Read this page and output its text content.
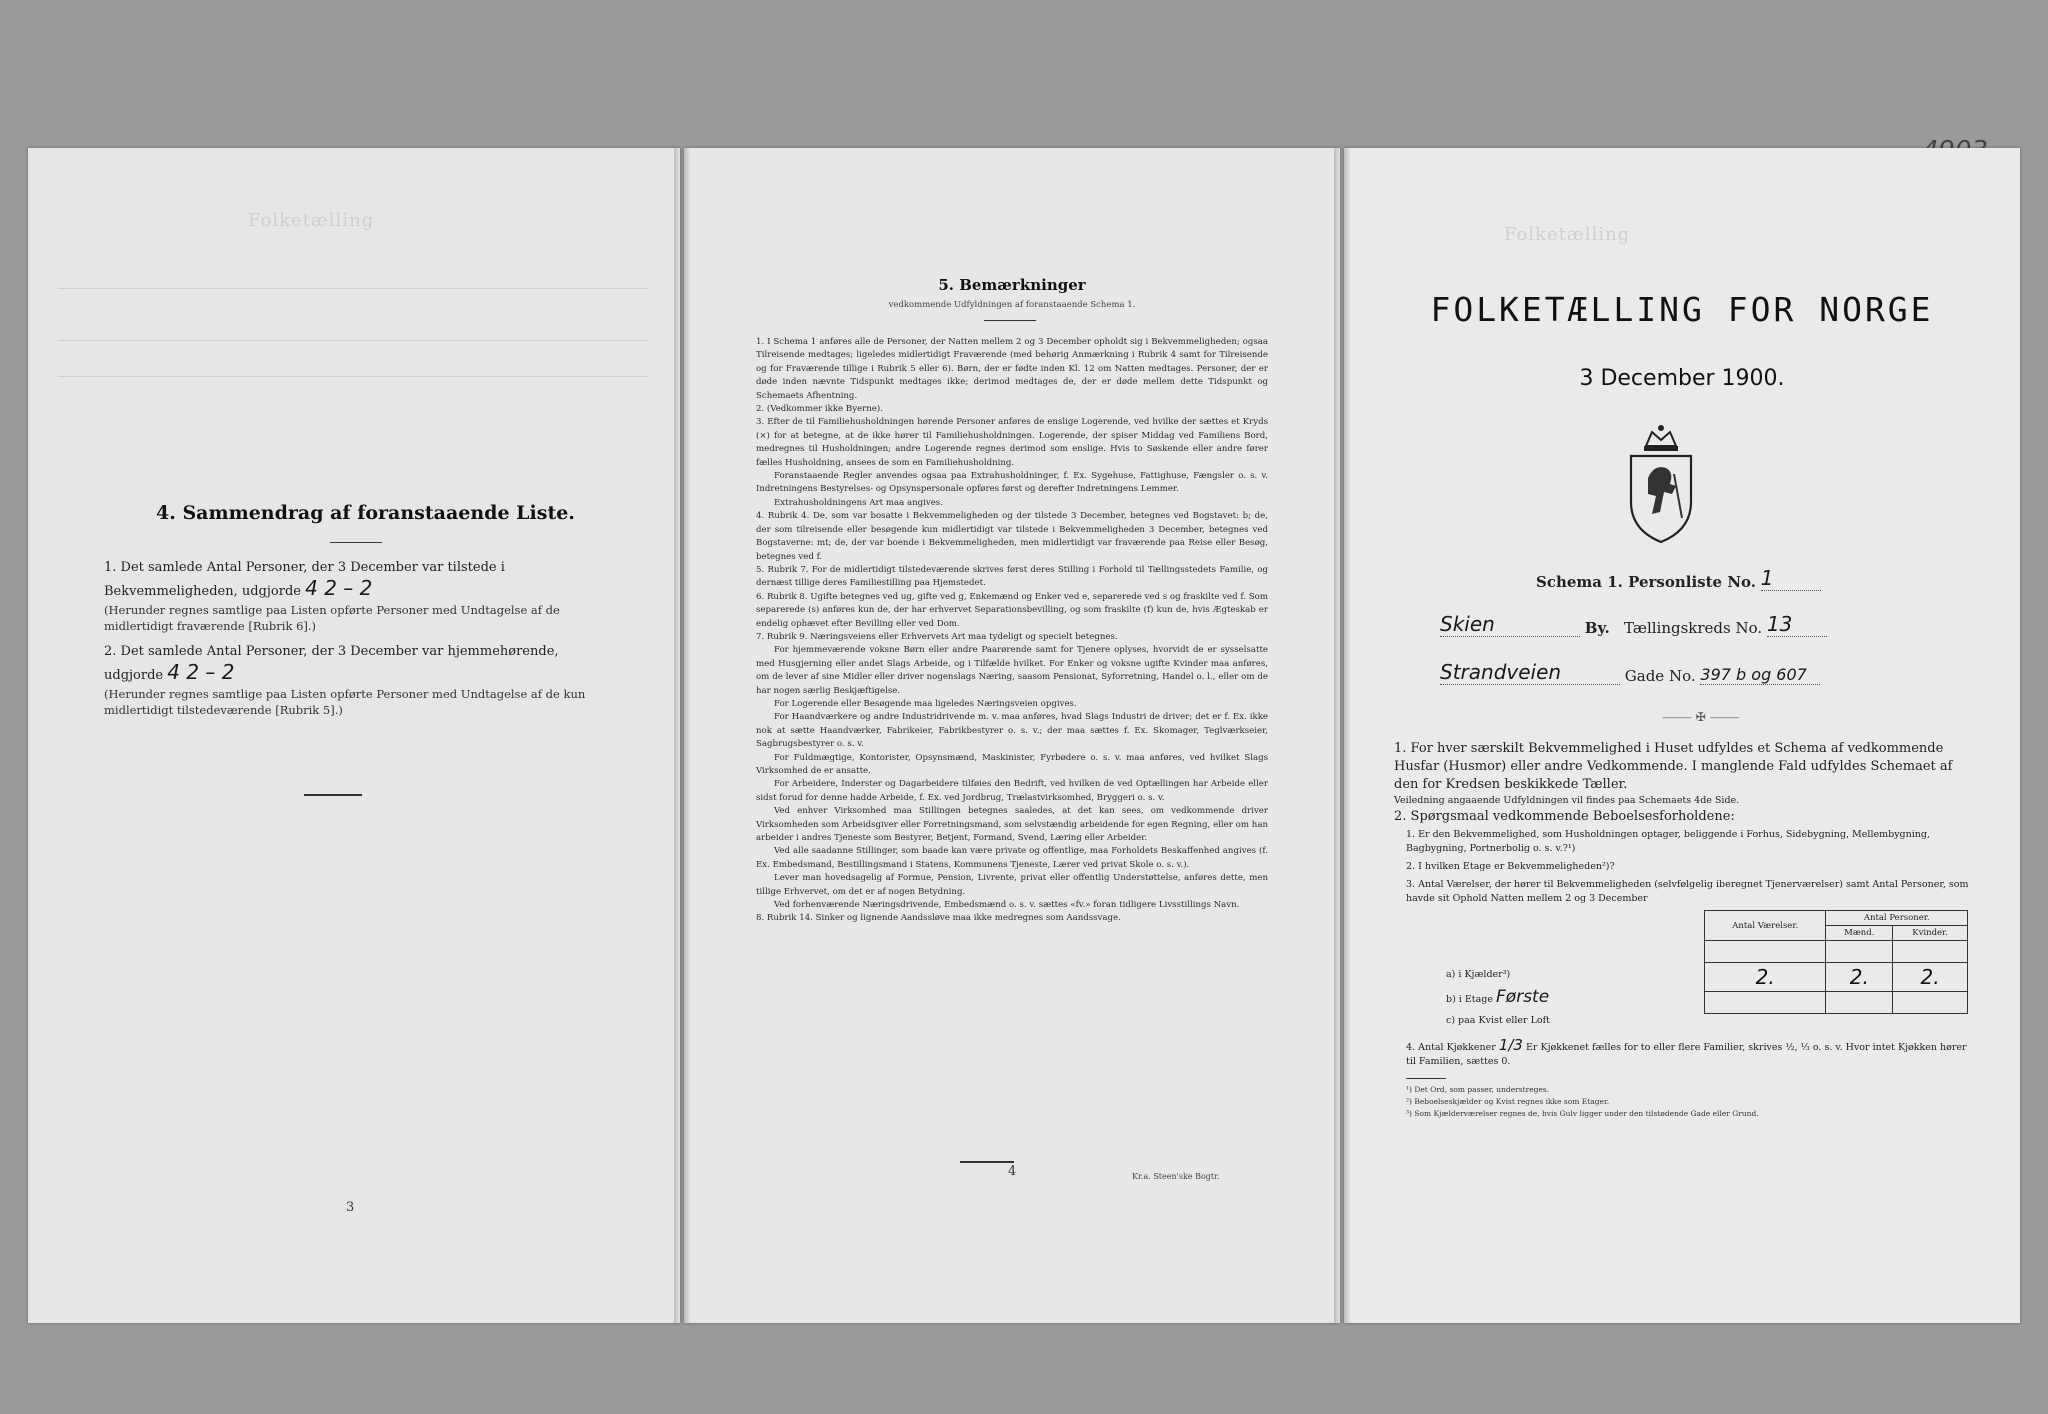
Folketælling
4. Sammendrag af foranstaaende Liste.
1. Det samlede Antal Personer, der 3 December var tilstede i Bekvemmeligheden, udgjorde 4 2 – 2
(Herunder regnes samtlige paa Listen opførte Personer med Undtagelse af de midlertidigt fraværende [Rubrik 6].)
2. Det samlede Antal Personer, der 3 December var hjemmehørende, udgjorde 4 2 – 2
(Herunder regnes samtlige paa Listen opførte Personer med Undtagelse af de kun midlertidigt tilstedeværende [Rubrik 5].)
3
5. Bemærkninger
vedkommende Udfyldningen af foranstaaende Schema 1.

1. I Schema 1 anføres alle de Personer, der Natten mellem 2 og 3 December opholdt sig i Bekvemmeligheden; ogsaa Tilreisende medtages; ligeledes midlertidigt Fraværende (med behørig Anmærkning i Rubrik 4 samt for Tilreisende og for Fraværende tillige i Rubrik 5 eller 6). Børn, der er fødte inden Kl. 12 om Natten medtages. Personer, der er døde inden nævnte Tidspunkt medtages ikke; derimod medtages de, der er døde mellem dette Tidspunkt og Schemaets Afhentning.

2. (Vedkommer ikke Byerne).

3. Efter de til Familiehusholdningen hørende Personer anføres de enslige Logerende, ved hvilke der sættes et Kryds (×) for at betegne, at de ikke hører til Familiehusholdningen. Logerende, der spiser Middag ved Familiens Bord, medregnes til Husholdningen; andre Logerende regnes derimod som enslige. Hvis to Søskende eller andre fører fælles Husholdning, ansees de som en Familiehusholdning.

Foranstaaende Regler anvendes ogsaa paa Extrahusholdninger, f. Ex. Sygehuse, Fattighuse, Fængsler o. s. v. Indretningens Bestyrelses- og Opsynspersonale opføres først og derefter Indretningens Lemmer.

Extrahusholdningens Art maa angives.

4. Rubrik 4. De, som var bosatte i Bekvemmeligheden og der tilstede 3 December, betegnes ved Bogstavet: b; de, der som tilreisende eller besøgende kun midlertidigt var tilstede i Bekvemmeligheden 3 December, betegnes ved Bogstaverne: mt; de, der var boende i Bekvemmeligheden, men midlertidigt var fraværende paa Reise eller Besøg, betegnes ved f.

5. Rubrik 7. For de midlertidigt tilstedeværende skrives først deres Stilling i Forhold til Tællingsstedets Familie, og dernæst tillige deres Familiestilling paa Hjemstedet.

6. Rubrik 8. Ugifte betegnes ved ug, gifte ved g, Enkemænd og Enker ved e, separerede ved s og fraskilte ved f. Som separerede (s) anføres kun de, der har erhvervet Separationsbevilling, og som fraskilte (f) kun de, hvis Ægteskab er endelig ophævet efter Bevilling eller ved Dom.

7. Rubrik 9. Næringsveiens eller Erhvervets Art maa tydeligt og specielt betegnes.

For hjemmeværende voksne Børn eller andre Paarørende samt for Tjenere oplyses, hvorvidt de er sysselsatte med Husgjerning eller andet Slags Arbeide, og i Tilfælde hvilket. For Enker og voksne ugifte Kvinder maa anføres, om de lever af sine Midler eller driver nogenslags Næring, saasom Pensionat, Syforretning, Handel o. l., eller om de har nogen særlig Beskjæftigelse.

For Logerende eller Besøgende maa ligeledes Næringsveien opgives.

For Haandværkere og andre Industridrivende m. v. maa anføres, hvad Slags Industri de driver; det er f. Ex. ikke nok at sætte Haandværker, Fabrikeier, Fabrikbestyrer o. s. v.; der maa sættes f. Ex. Skomager, Teglværkseier, Sagbrugsbestyrer o. s. v.

For Fuldmægtige, Kontorister, Opsynsmænd, Maskinister, Fyrbødere o. s. v. maa anføres, ved hvilket Slags Virksomhed de er ansatte.

For Arbeidere, Inderster og Dagarbeidere tilføies den Bedrift, ved hvilken de ved Optællingen har Arbeide eller sidst forud for denne hadde Arbeide, f. Ex. ved Jordbrug, Trælastvirksomhed, Bryggeri o. s. v.

Ved enhver Virksomhed maa Stillingen betegnes saaledes, at det kan sees, om vedkommende driver Virksomheden som Arbeidsgiver eller Forretningsmand, som selvstændig arbeidende for egen Regning, eller om han arbeider i andres Tjeneste som Bestyrer, Betjent, Formand, Svend, Læring eller Arbeider.

Ved alle saadanne Stillinger, som baade kan være private og offentlige, maa Forholdets Beskaffenhed angives (f. Ex. Embedsmand, Bestillingsmand i Statens, Kommunens Tjeneste, Lærer ved privat Skole o. s. v.).

Lever man hovedsagelig af Formue, Pension, Livrente, privat eller offentlig Understøttelse, anføres dette, men tillige Erhvervet, om det er af nogen Betydning.

Ved forhenværende Næringsdrivende, Embedsmænd o. s. v. sættes «fv.» foran tidligere Livsstillings Navn.

8. Rubrik 14. Sinker og lignende Aandssløve maa ikke medregnes som Aandssvage.

4	Kr.a. Steen'ske Bogtr.
Folketælling
FOLKETÆLLING FOR NORGE
3 December 1900.
Schema 1. Personliste No. 1
Skien	By. Tællingskreds No. 13
Strandveien	Gade No. 397 b og 607
⸻ ✠ ⸻
1. For hver særskilt Bekvemmelighed i Huset udfyldes et Schema af vedkommende Husfar (Husmor) eller andre Vedkommende. I manglende Fald udfyldes Schemaet af den for Kredsen beskikkede Tæller.
Veiledning angaaende Udfyldningen vil findes paa Schemaets 4de Side.
2. Spørgsmaal vedkommende Beboelsesforholdene:
1. Er den Bekvemmelighed, som Husholdningen optager, beliggende i Forhus, Sidebygning, Mellembygning, Bagbygning, Portnerbolig o. s. v.?¹)
2. I hvilken Etage er Bekvemmeligheden²)?
3. Antal Værelser, der hører til Bekvemmeligheden (selvfølgelig iberegnet Tjenerværelser) samt Antal Personer, som havde sit Ophold Natten mellem 2 og 3 December
Antal Værelser.	Antal Personer.	
	Mænd.	Kvinder.

2.	2.	2.

a) i Kjælder³)
b) i Etage Første
c) paa Kvist eller Loft
4. Antal Kjøkkener 1/3 Er Kjøkkenet fælles for to eller flere Familier, skrives ½, ⅓ o. s. v. Hvor intet Kjøkken hører til Familien, sættes 0.
¹) Det Ord, som passer, understreges.
²) Beboelseskjælder og Kvist regnes ikke som Etager.
³) Som Kjælderværelser regnes de, hvis Gulv ligger under den tilstødende Gade eller Grund.
